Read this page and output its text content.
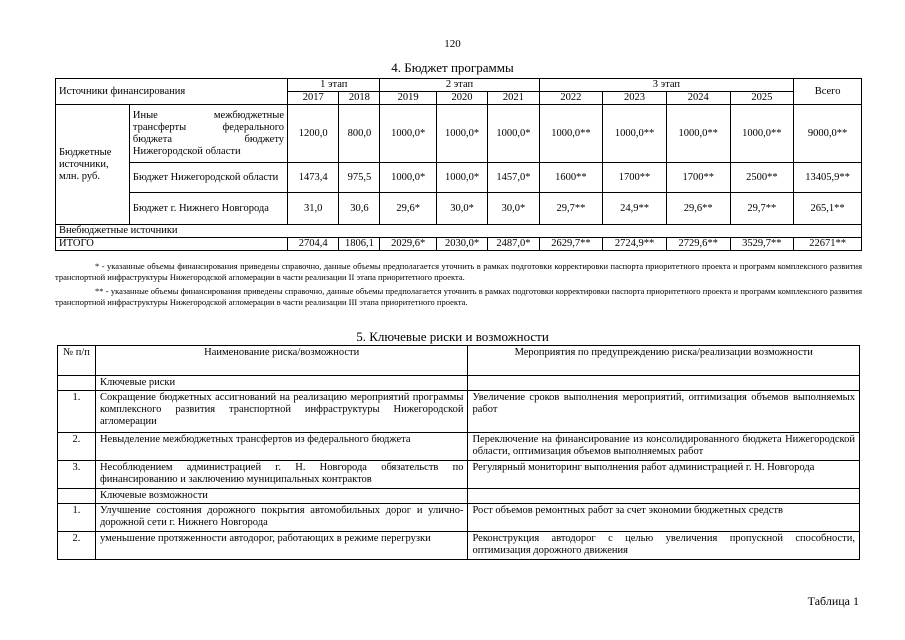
120
4. Бюджет программы
Источники финансирования		1 этап		2 этап			3 этап				Всего
		2017	2018	2019	2020	2021	2022	2023	2024	2025	
Бюджетные источники, млн. руб.	Иные межбюджетные трансферты федерального бюджета бюджету Нижегородской области	1200,0	800,0	1000,0*	1000,0*	1000,0*	1000,0**	1000,0**	1000,0**	1000,0**	9000,0**
	Бюджет Нижегородской области	1473,4	975,5	1000,0*	1000,0*	1457,0*	1600**	1700**	1700**	2500**	13405,9**
	Бюджет г. Нижнего Новгорода	31,0	30,6	29,6*	30,0*	30,0*	29,7**	24,9**	29,6**	29,7**	265,1**
Внебюджетные источники											
ИТОГО		2704,4	1806,1	2029,6*	2030,0*	2487,0*	2629,7**	2724,9**	2729,6**	3529,7**	22671**
* - указанные объемы финансирования приведены справочно, данные объемы предполагается уточнить в рамках подготовки корректировки паспорта приоритетного проекта и программ комплексного развития транспортной инфраструктуры Нижегородской агломерации в части реализации II этапа приоритетного проекта.
** - указанные объемы финансирования приведены справочно, данные объемы предполагается уточнить в рамках подготовки корректировки паспорта приоритетного проекта и программ комплексного развития транспортной инфраструктуры Нижегородской агломерации в части реализации III этапа приоритетного проекта.
5. Ключевые риски и возможности
№ п/п	Наименование риска/возможности	Мероприятия по предупреждению риска/реализации возможности
	Ключевые риски	
1.	Сокращение бюджетных ассигнований на реализацию мероприятий программы комплексного развития транспортной инфраструктуры Нижегородской агломерации	Увеличение сроков выполнения мероприятий, оптимизация объемов выполняемых работ
2.	Невыделение межбюджетных трансфертов из федерального бюджета	Переключение на финансирование из консолидированного бюджета Нижегородской области, оптимизация объемов выполняемых работ
3.	Несоблюдением администрацией г. Н. Новгорода обязательств по финансированию и заключению муниципальных контрактов	Регулярный мониторинг выполнения работ администрацией г. Н. Новгорода
	Ключевые возможности	
1.	Улучшение состояния дорожного покрытия автомобильных дорог и улично-дорожной сети г. Нижнего Новгорода	Рост объемов ремонтных работ за счет экономии бюджетных средств
2.	уменьшение протяженности автодорог, работающих в режиме перегрузки	Реконструкция автодорог с целью увеличения пропускной способности, оптимизация дорожного движения
Таблица 1
